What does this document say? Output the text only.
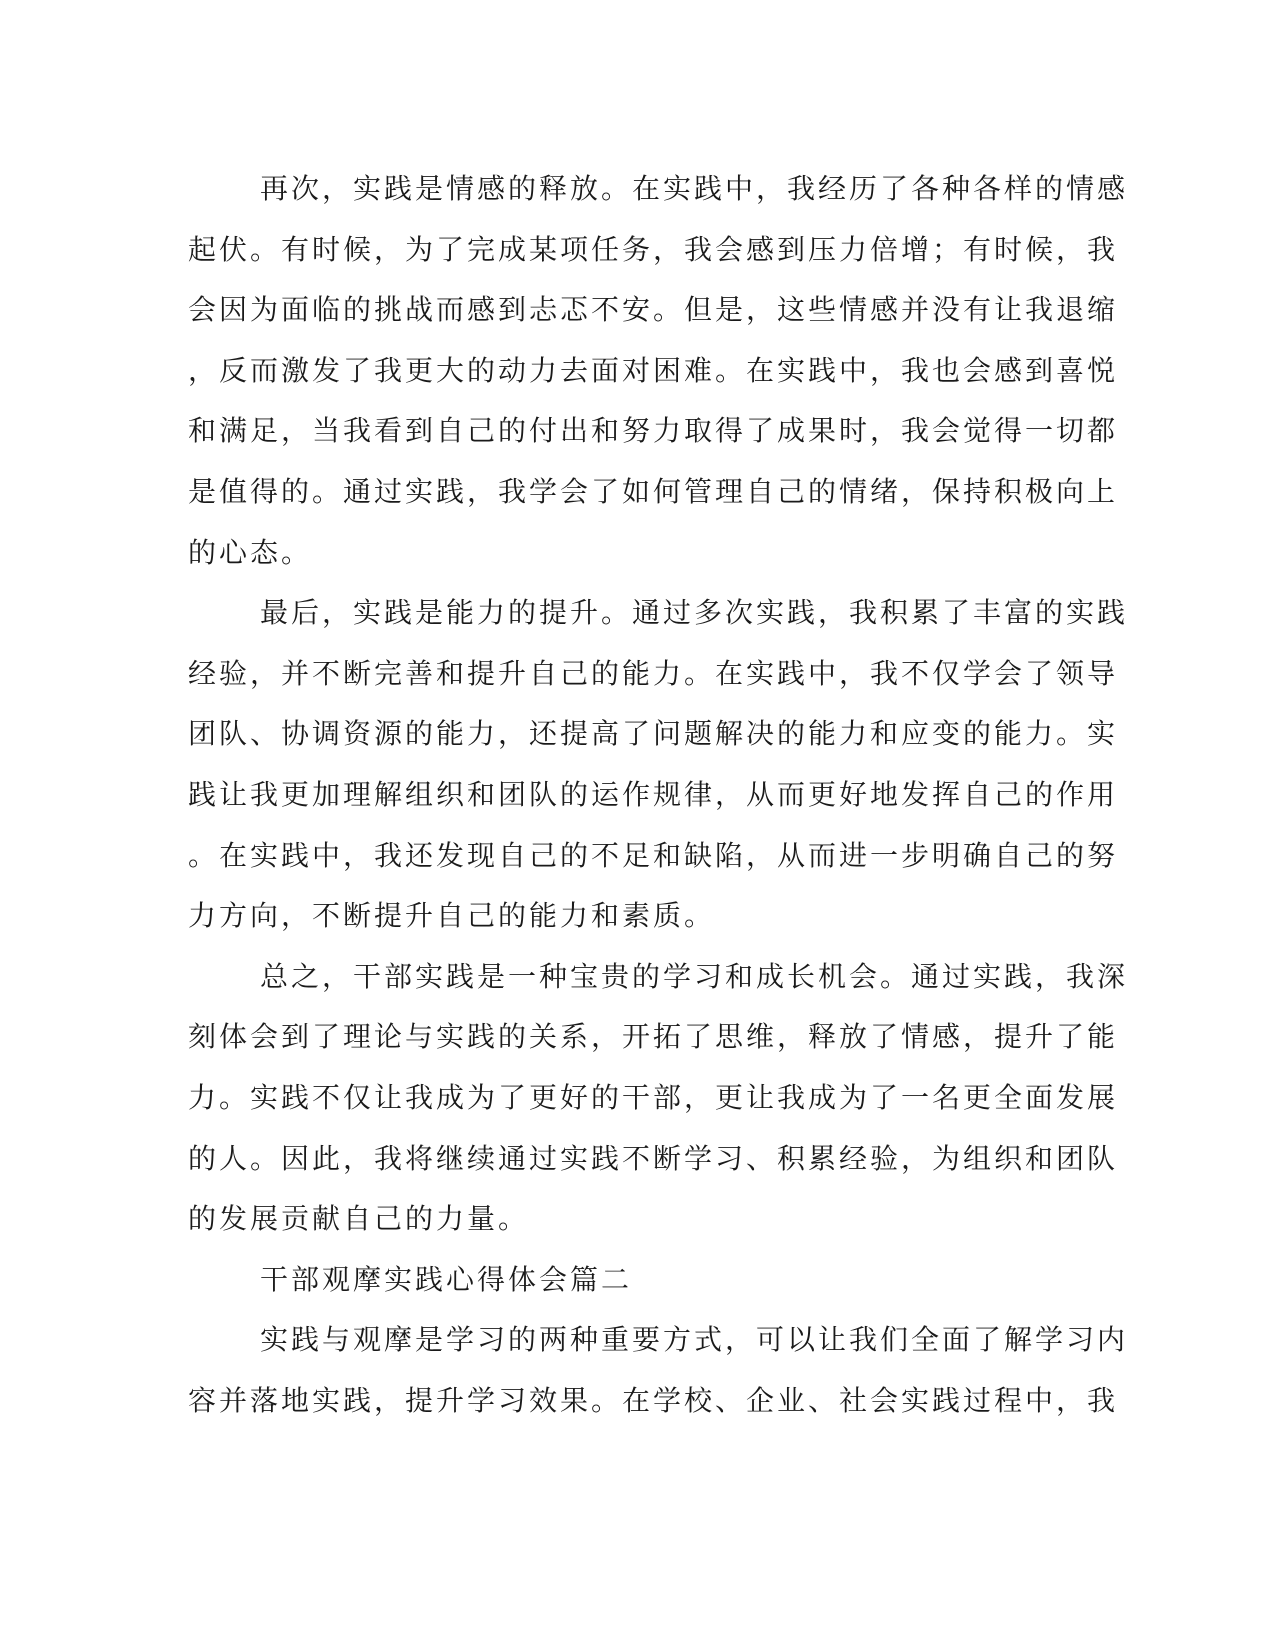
再次，实践是情感的释放。在实践中，我经历了各种各样的情感
起伏。有时候，为了完成某项任务，我会感到压力倍增；有时候，我
会因为面临的挑战而感到忐忑不安。但是，这些情感并没有让我退缩
，反而激发了我更大的动力去面对困难。在实践中，我也会感到喜悦
和满足，当我看到自己的付出和努力取得了成果时，我会觉得一切都
是值得的。通过实践，我学会了如何管理自己的情绪，保持积极向上
的心态。
最后，实践是能力的提升。通过多次实践，我积累了丰富的实践
经验，并不断完善和提升自己的能力。在实践中，我不仅学会了领导
团队、协调资源的能力，还提高了问题解决的能力和应变的能力。实
践让我更加理解组织和团队的运作规律，从而更好地发挥自己的作用
。在实践中，我还发现自己的不足和缺陷，从而进一步明确自己的努
力方向，不断提升自己的能力和素质。
总之，干部实践是一种宝贵的学习和成长机会。通过实践，我深
刻体会到了理论与实践的关系，开拓了思维，释放了情感，提升了能
力。实践不仅让我成为了更好的干部，更让我成为了一名更全面发展
的人。因此，我将继续通过实践不断学习、积累经验，为组织和团队
的发展贡献自己的力量。
干部观摩实践心得体会篇二
实践与观摩是学习的两种重要方式，可以让我们全面了解学习内
容并落地实践，提升学习效果。在学校、企业、社会实践过程中，我
